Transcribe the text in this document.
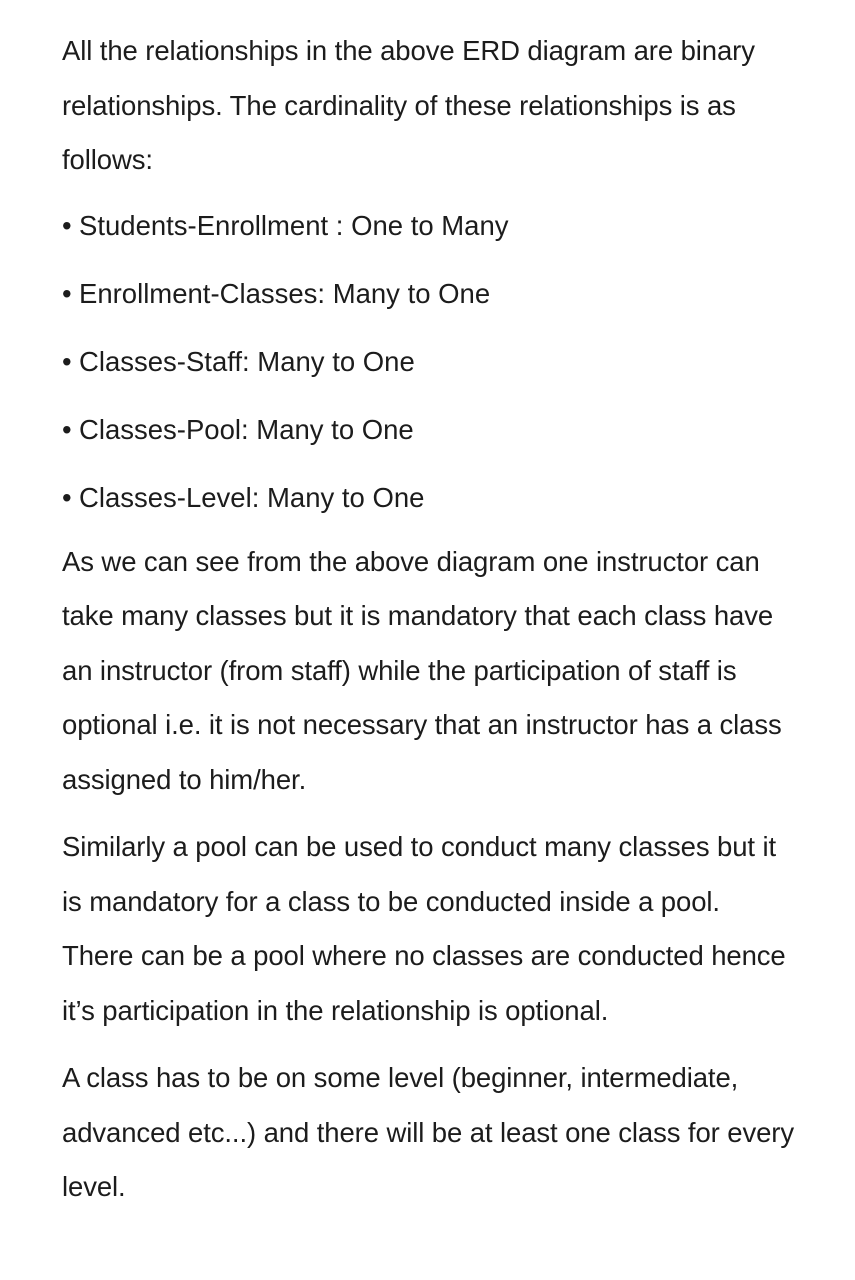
All the relationships in the above ERD diagram are binary relationships. The cardinality of these relationships is as follows:

• Students-Enrollment : One to Many
• Enrollment-Classes: Many to One
• Classes-Staff: Many to One
• Classes-Pool: Many to One
• Classes-Level: Many to One

As we can see from the above diagram one instructor can take many classes but it is mandatory that each class have an instructor (from staff) while the participation of staff is optional i.e. it is not necessary that an instructor has a class assigned to him/her.

Similarly a pool can be used to conduct many classes but it is mandatory for a class to be conducted inside a pool. There can be a pool where no classes are conducted hence it’s participation in the relationship is optional.

A class has to be on some level (beginner, intermediate, advanced etc...) and there will be at least one class for every level.
